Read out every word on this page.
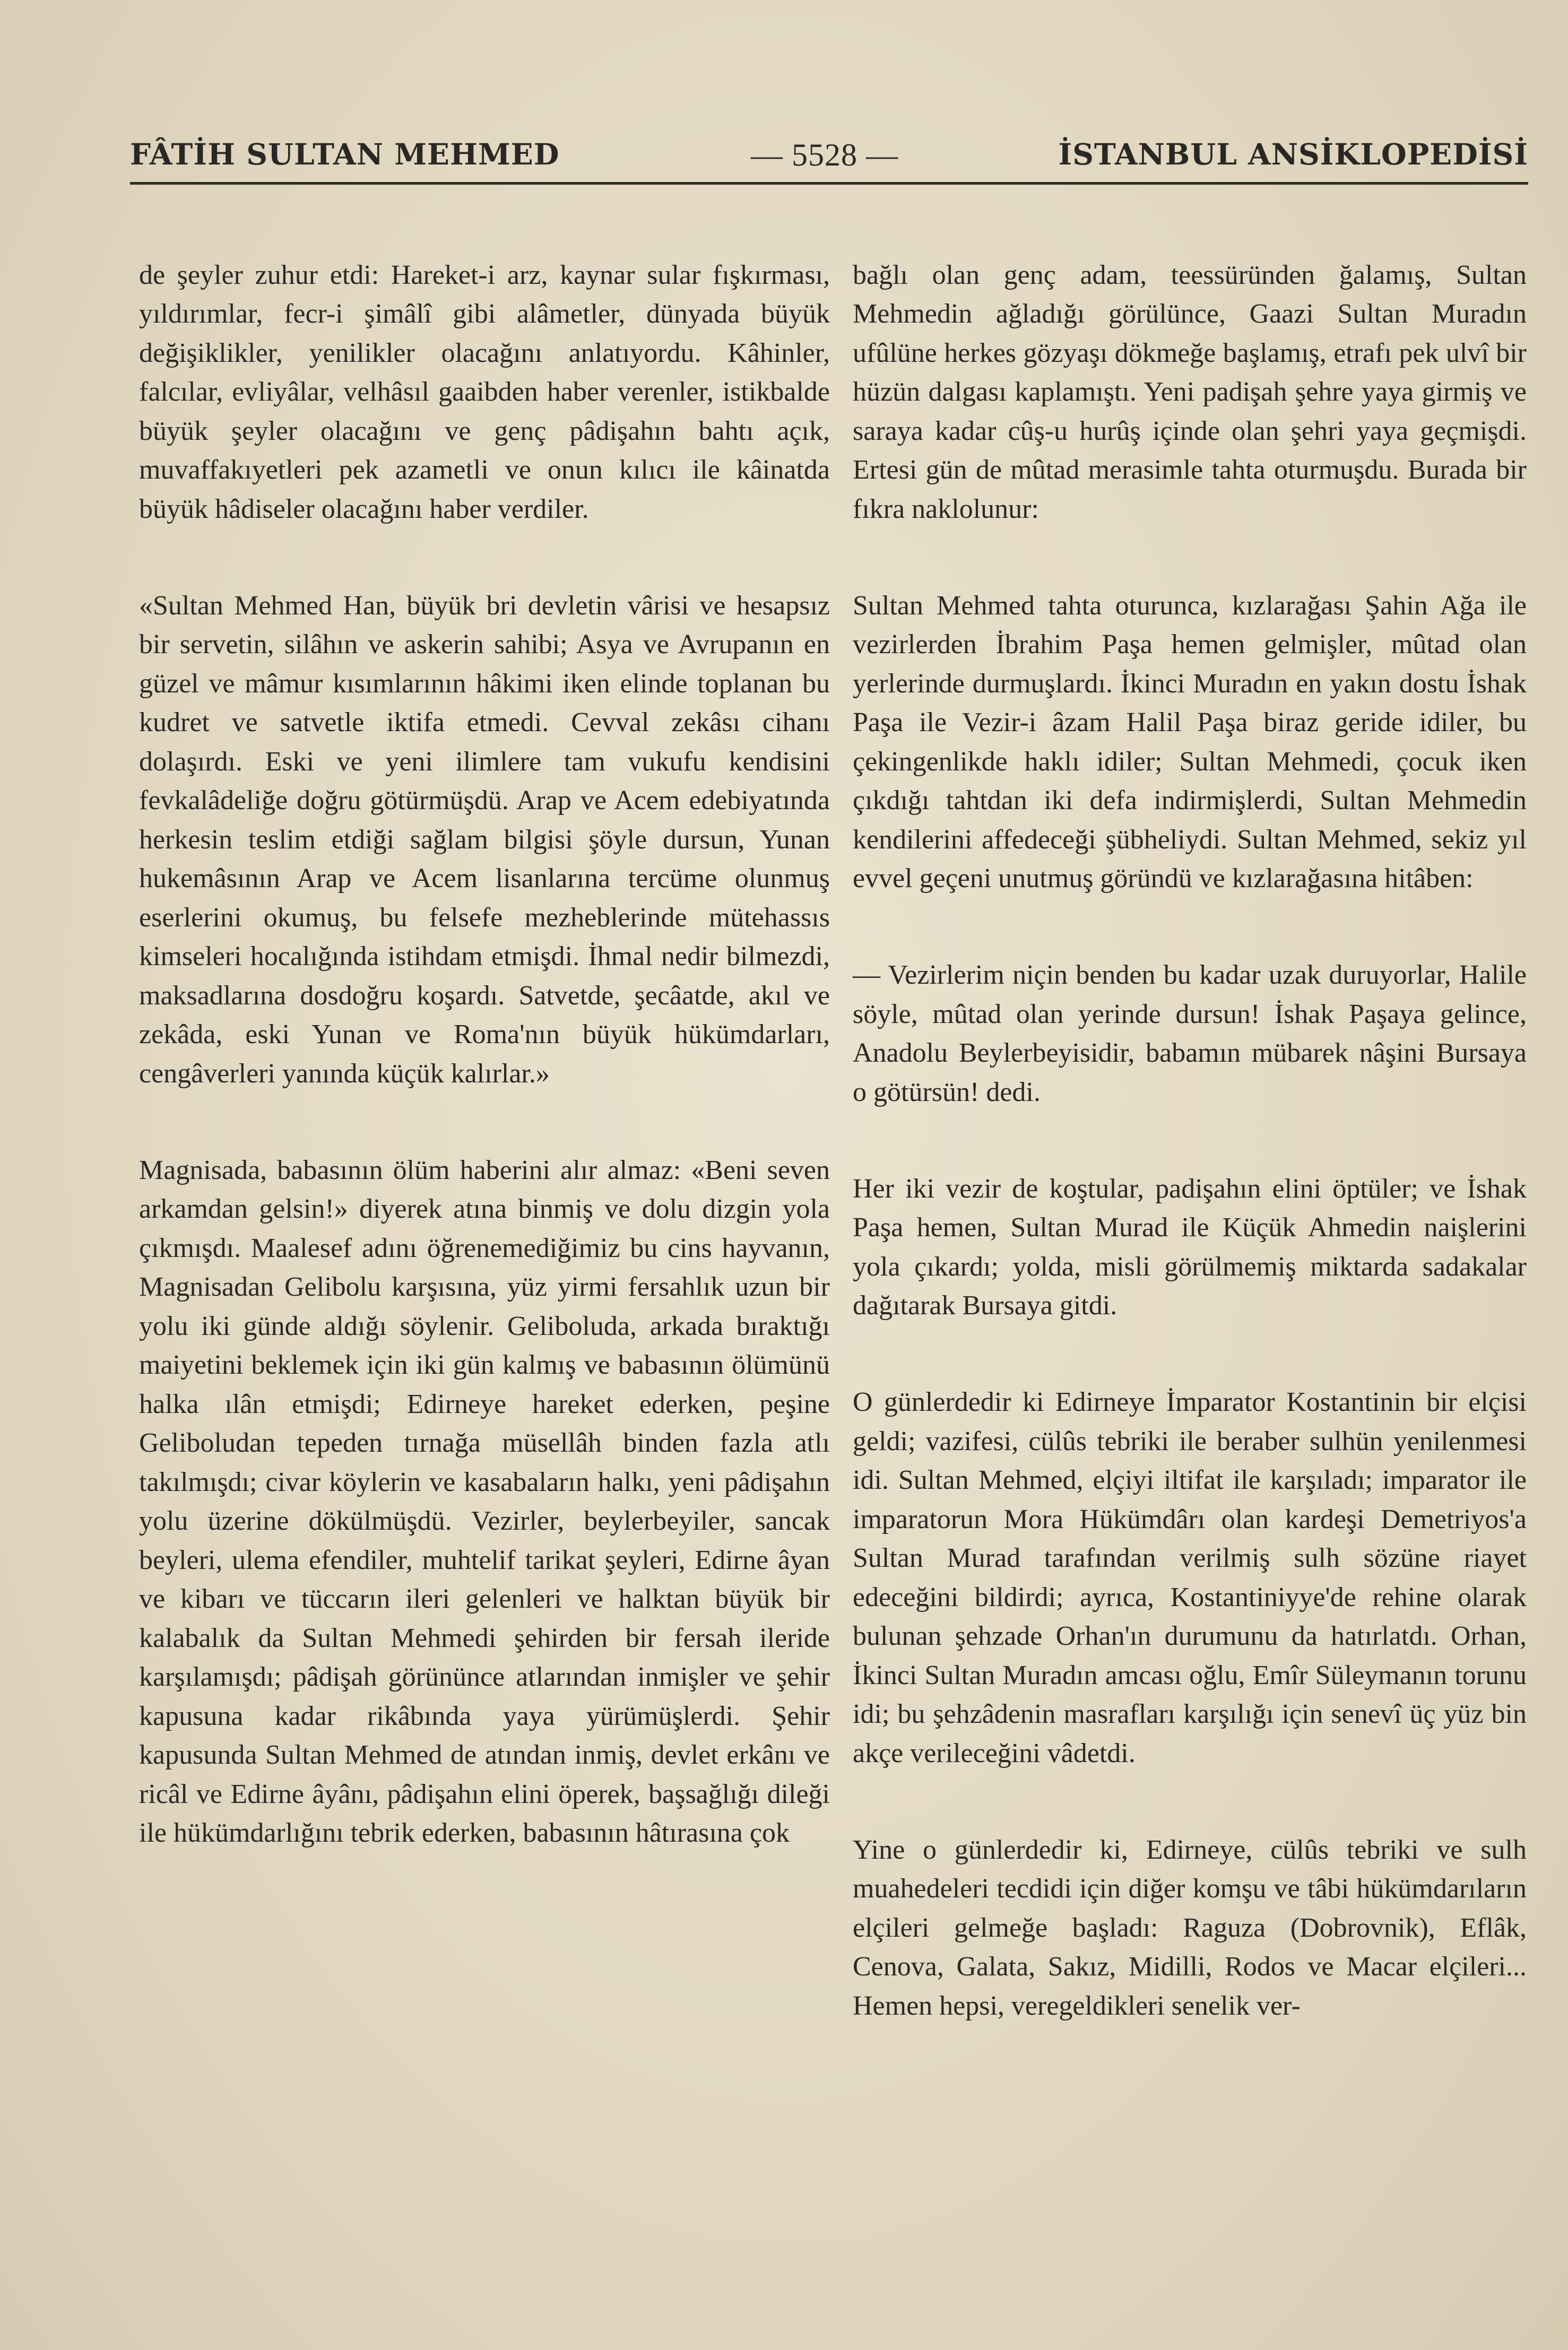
FÂTİH SULTAN MEHMED	— 5528 —	İSTANBUL ANSİKLOPEDİSİ

de şeyler zuhur etdi: Hareket-i arz, kaynar sular fışkırması, yıldırımlar, fecr-i şimâlî gibi alâmetler, dünyada büyük değişiklikler, yenilikler olacağını anlatıyordu. Kâhinler, falcılar, evliyâlar, velhâsıl gaaibden haber verenler, istikbalde büyük şeyler olacağını ve genç pâdişahın bahtı açık, muvaffakıyetleri pek azametli ve onun kılıcı ile kâinatda büyük hâdiseler olacağını haber verdiler.

«Sultan Mehmed Han, büyük bri devletin vârisi ve hesapsız bir servetin, silâhın ve askerin sahibi; Asya ve Avrupanın en güzel ve mâmur kısımlarının hâkimi iken elinde toplanan bu kudret ve satvetle iktifa etmedi. Cevval zekâsı cihanı dolaşırdı. Eski ve yeni ilimlere tam vukufu kendisini fevkalâdeliğe doğru götürmüşdü. Arap ve Acem edebiyatında herkesin teslim etdiği sağlam bilgisi şöyle dursun, Yunan hukemâsının Arap ve Acem lisanlarına tercüme olunmuş eserlerini okumuş, bu felsefe mezheblerinde mütehassıs kimseleri hocalığında istihdam etmişdi. İhmal nedir bilmezdi, maksadlarına dosdoğru koşardı. Satvetde, şecâatde, akıl ve zekâda, eski Yunan ve Roma'nın büyük hükümdarları, cengâverleri yanında küçük kalırlar.»

Magnisada, babasının ölüm haberini alır almaz: «Beni seven arkamdan gelsin!» diyerek atına binmiş ve dolu dizgin yola çıkmışdı. Maalesef adını öğrenemediğimiz bu cins hayvanın, Magnisadan Gelibolu karşısına, yüz yirmi fersahlık uzun bir yolu iki günde aldığı söylenir. Geliboluda, arkada bıraktığı maiyetini beklemek için iki gün kalmış ve babasının ölümünü halka ılân etmişdi; Edirneye hareket ederken, peşine Geliboludan tepeden tırnağa müsellâh binden fazla atlı takılmışdı; civar köylerin ve kasabaların halkı, yeni pâdişahın yolu üzerine dökülmüşdü. Vezirler, beylerbeyiler, sancak beyleri, ulema efendiler, muhtelif tarikat şeyleri, Edirne âyan ve kibarı ve tüccarın ileri gelenleri ve halktan büyük bir kalabalık da Sultan Mehmedi şehirden bir fersah ileride karşılamışdı; pâdişah görününce atlarından inmişler ve şehir kapusuna kadar rikâbında yaya yürümüşlerdi. Şehir kapusunda Sultan Mehmed de atından inmiş, devlet erkânı ve ricâl ve Edirne âyânı, pâdişahın elini öperek, başsağlığı dileği ile hükümdarlığını tebrik ederken, babasının hâtırasına çok

bağlı olan genç adam, teessüründen ğalamış, Sultan Mehmedin ağladığı görülünce, Gaazi Sultan Muradın ufûlüne herkes gözyaşı dökmeğe başlamış, etrafı pek ulvî bir hüzün dalgası kaplamıştı. Yeni padişah şehre yaya girmiş ve saraya kadar cûş-u hurûş içinde olan şehri yaya geçmişdi. Ertesi gün de mûtad merasimle tahta oturmuşdu. Burada bir fıkra naklolunur:

Sultan Mehmed tahta oturunca, kızlarağası Şahin Ağa ile vezirlerden İbrahim Paşa hemen gelmişler, mûtad olan yerlerinde durmuşlardı. İkinci Muradın en yakın dostu İshak Paşa ile Vezir-i âzam Halil Paşa biraz geride idiler, bu çekingenlikde haklı idiler; Sultan Mehmedi, çocuk iken çıkdığı tahtdan iki defa indirmişlerdi, Sultan Mehmedin kendilerini affedeceği şübheliydi. Sultan Mehmed, sekiz yıl evvel geçeni unutmuş göründü ve kızlarağasına hitâben:

— Vezirlerim niçin benden bu kadar uzak duruyorlar, Halile söyle, mûtad olan yerinde dursun! İshak Paşaya gelince, Anadolu Beylerbeyisidir, babamın mübarek nâşini Bursaya o götürsün! dedi.

Her iki vezir de koştular, padişahın elini öptüler; ve İshak Paşa hemen, Sultan Murad ile Küçük Ahmedin naişlerini yola çıkardı; yolda, misli görülmemiş miktarda sadakalar dağıtarak Bursaya gitdi.

O günlerdedir ki Edirneye İmparator Kostantinin bir elçisi geldi; vazifesi, cülûs tebriki ile beraber sulhün yenilenmesi idi. Sultan Mehmed, elçiyi iltifat ile karşıladı; imparator ile imparatorun Mora Hükümdârı olan kardeşi Demetriyos'a Sultan Murad tarafından verilmiş sulh sözüne riayet edeceğini bildirdi; ayrıca, Kostantiniyye'de rehine olarak bulunan şehzade Orhan'ın durumunu da hatırlatdı. Orhan, İkinci Sultan Muradın amcası oğlu, Emîr Süleymanın torunu idi; bu şehzâdenin masrafları karşılığı için senevî üç yüz bin akçe verileceğini vâdetdi.

Yine o günlerdedir ki, Edirneye, cülûs tebriki ve sulh muahedeleri tecdidi için diğer komşu ve tâbi hükümdarıların elçileri gelmeğe başladı: Raguza (Dobrovnik), Eflâk, Cenova, Galata, Sakız, Midilli, Rodos ve Macar elçileri... Hemen hepsi, veregeldikleri senelik ver-
